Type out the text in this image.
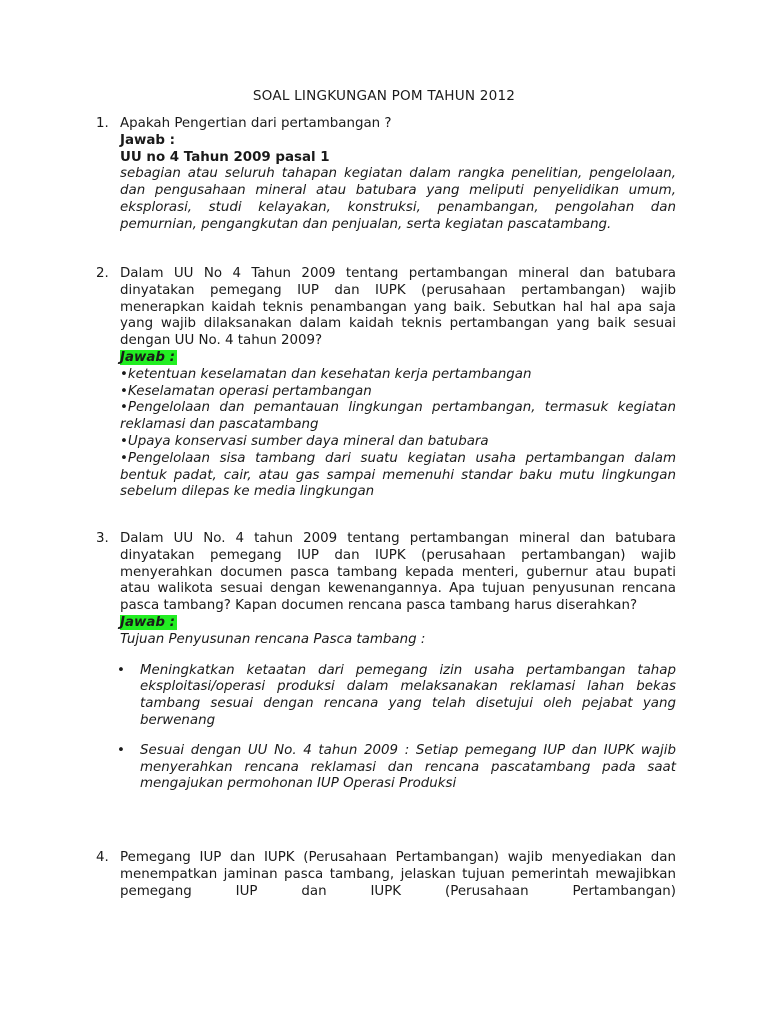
SOAL LINGKUNGAN POM TAHUN 2012
1. Apakah Pengertian dari pertambangan ?
Jawab :
UU no 4 Tahun 2009 pasal 1
sebagian atau seluruh tahapan kegiatan dalam rangka penelitian, pengelolaan, dan pengusahaan mineral atau batubara yang meliputi penyelidikan umum, eksplorasi, studi kelayakan, konstruksi, penambangan, pengolahan dan pemurnian, pengangkutan dan penjualan, serta kegiatan pascatambang.
2. Dalam UU No 4 Tahun 2009 tentang pertambangan mineral dan batubara dinyatakan pemegang IUP dan IUPK (perusahaan pertambangan) wajib menerapkan kaidah teknis penambangan yang baik. Sebutkan hal hal apa saja yang wajib dilaksanakan dalam kaidah teknis pertambangan yang baik sesuai dengan UU No. 4 tahun 2009?
Jawab :
•ketentuan keselamatan dan kesehatan kerja pertambangan
•Keselamatan operasi pertambangan
•Pengelolaan dan pemantauan lingkungan pertambangan, termasuk kegiatan reklamasi dan pascatambang
•Upaya konservasi sumber daya mineral dan batubara
•Pengelolaan sisa tambang dari suatu kegiatan usaha pertambangan dalam bentuk padat, cair, atau gas sampai memenuhi standar baku mutu lingkungan sebelum dilepas ke media lingkungan
3. Dalam UU No. 4 tahun 2009 tentang pertambangan mineral dan batubara dinyatakan pemegang IUP dan IUPK (perusahaan pertambangan) wajib menyerahkan documen pasca tambang kepada menteri, gubernur atau bupati atau walikota sesuai dengan kewenangannya. Apa tujuan penyusunan rencana pasca tambang? Kapan documen rencana pasca tambang harus diserahkan?
Jawab :
Tujuan Penyusunan rencana Pasca tambang :
• Meningkatkan ketaatan dari pemegang izin usaha pertambangan tahap eksploitasi/operasi produksi dalam melaksanakan reklamasi lahan bekas tambang sesuai dengan rencana yang telah disetujui oleh pejabat yang berwenang
• Sesuai dengan UU No. 4 tahun 2009 : Setiap pemegang IUP dan IUPK wajib menyerahkan rencana reklamasi dan rencana pascatambang pada saat mengajukan permohonan IUP Operasi Produksi
4. Pemegang IUP dan IUPK (Perusahaan Pertambangan) wajib menyediakan dan menempatkan jaminan pasca tambang, jelaskan tujuan pemerintah mewajibkan pemegang IUP dan IUPK (Perusahaan Pertambangan)
